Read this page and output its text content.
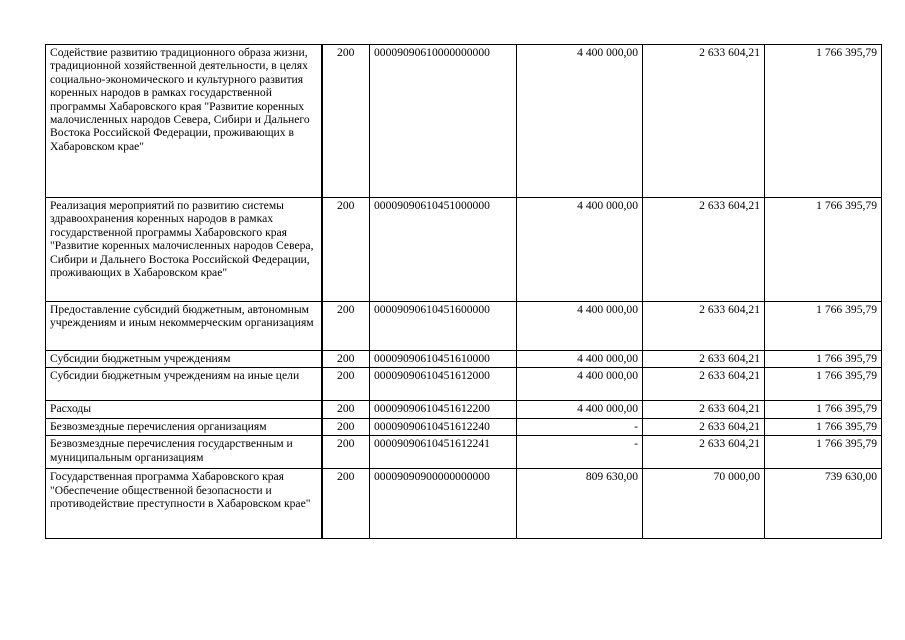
Содействие развитию традиционного образа жизни, традиционной хозяйственной деятельности, в целях социально-экономического и культурного развития коренных народов в рамках государственной программы Хабаровского края "Развитие коренных малочисленных народов Севера, Сибири и Дальнего Востока Российской Федерации, проживающих в Хабаровском крае"	200	00009090610000000000	4 400 000,00	2 633 604,21	1 766 395,79
Реализация мероприятий по развитию системы здравоохранения коренных народов в рамках государственной программы Хабаровского края "Развитие коренных малочисленных народов Севера, Сибири и Дальнего Востока Российской Федерации, проживающих в Хабаровском крае"	200	00009090610451000000	4 400 000,00	2 633 604,21	1 766 395,79
Предоставление субсидий бюджетным, автономным учреждениям и иным некоммерческим организациям	200	00009090610451600000	4 400 000,00	2 633 604,21	1 766 395,79
Субсидии бюджетным учреждениям	200	00009090610451610000	4 400 000,00	2 633 604,21	1 766 395,79
Субсидии бюджетным учреждениям на иные цели	200	00009090610451612000	4 400 000,00	2 633 604,21	1 766 395,79
Расходы	200	00009090610451612200	4 400 000,00	2 633 604,21	1 766 395,79
Безвозмездные перечисления организациям	200	00009090610451612240	-	2 633 604,21	1 766 395,79
Безвозмездные перечисления государственным и муниципальным организациям	200	00009090610451612241	-	2 633 604,21	1 766 395,79
Государственная программа Хабаровского края "Обеспечение общественной безопасности и противодействие преступности в Хабаровском крае"	200	00009090900000000000	809 630,00	70 000,00	739 630,00
